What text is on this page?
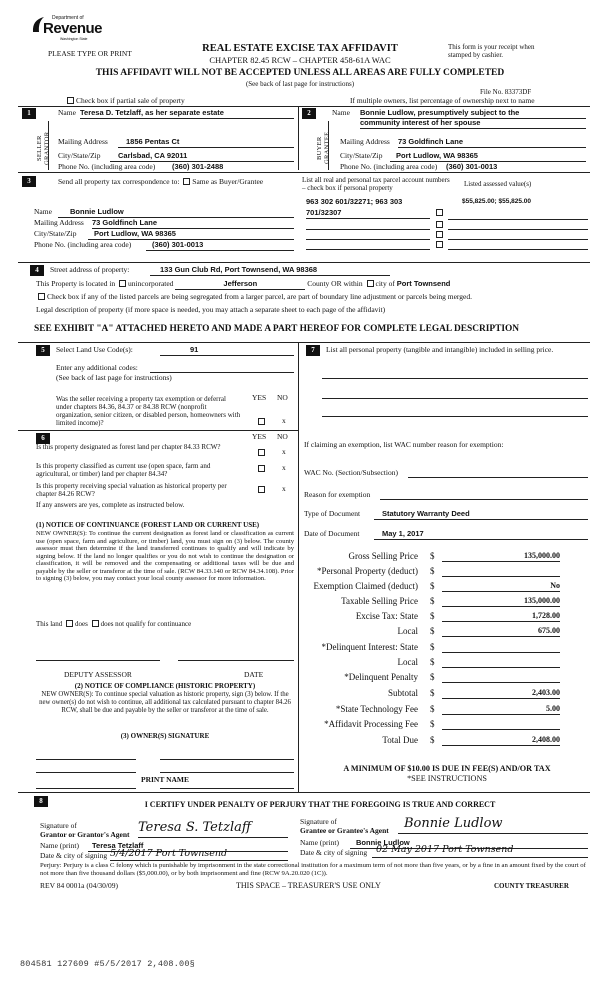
Department of
Revenue
Washington State
PLEASE TYPE OR PRINT	REAL ESTATE EXCISE TAX AFFIDAVIT
CHAPTER 82.45 RCW – CHAPTER 458-61A WAC
This form is your receipt when stamped by cashier.
THIS AFFIDAVIT WILL NOT BE ACCEPTED UNLESS ALL AREAS ARE FULLY COMPLETED
(See back of last page for instructions)
File No. 83373DF
Check box if partial sale of property	If multiple owners, list percentage of ownership next to name
1
SELLER GRANTOR
Name Teresa D. Tetzlaff, as her separate estate
Mailing Address	1856 Pentas Ct
City/State/Zip	Carlsbad, CA 92011
Phone No. (including area code)	(360) 301-2488
2
BUYER GRANTEE
Name Bonnie Ludlow, presumptively subject to the
community interest of her spouse
Mailing Address 73 Goldfinch Lane
City/State/Zip	Port Ludlow, WA 98365
Phone No. (including area code) (360) 301-0013
3	Send all property tax correspondence to: Same as Buyer/Grantee	List all real and personal tax parcel account numbers – check box if personal property
Listed assessed value(s)
963 302 601/32271; 963 303	$55,825.00; $55,825.00
701/32307
Name	Bonnie Ludlow
Mailing Address 73 Goldfinch Lane
City/State/Zip	Port Ludlow, WA 98365
Phone No. (including area code)	(360) 301-0013
4	Street address of property:	133 Gun Club Rd, Port Townsend, WA 98368
This Property is located in unincorporated	Jefferson	County OR within city of Port Townsend
Check box if any of the listed parcels are being segregated from a larger parcel, are part of boundary line adjustment or parcels being merged.
Legal description of property (if more space is needed, you may attach a separate sheet to each page of the affidavit)
SEE EXHIBIT "A" ATTACHED HERETO AND MADE A PART HEREOF FOR COMPLETE LEGAL DESCRIPTION
5	Select Land Use Code(s):	91
Enter any additional codes:
(See back of last page for instructions)
YES NO
Was the seller receiving a property tax exemption or deferral under chapters 84.36, 84.37 or 84.38 RCW (nonprofit organization, senior citizen, or disabled person, homeowners with limited income)?	x
6	YES NO
Is this property designated as forest land per chapter 84.33 RCW?	x
Is this property classified as current use (open space, farm and agricultural, or timber) land per chapter 84.34?
x
Is this property receiving special valuation as historical property per chapter 84.26 RCW?
x
If any answers are yes, complete as instructed below.
(1) NOTICE OF CONTINUANCE (FOREST LAND OR CURRENT USE)
NEW OWNER(S): To continue the current designation as forest land or classification as current use (open space, farm and agriculture, or timber) land, you must sign on (3) below. The county assessor must then determine if the land transferred continues to qualify and will indicate by signing below. If the land no longer qualifies or you do not wish to continue the designation or classification, it will be removed and the compensating or additional taxes will be due and payable by the seller or transferor at the time of sale. (RCW 84.33.140 or RCW 84.34.108). Prior to signing (3) below, you may contact your local county assessor for more information.
This land does does not qualify for continuance
DEPUTY ASSESSOR	DATE
(2) NOTICE OF COMPLIANCE (HISTORIC PROPERTY)
NEW OWNER(S): To continue special valuation as historic property, sign (3) below. If the new owner(s) do not wish to continue, all additional tax calculated pursuant to chapter 84.26 RCW, shall be due and payable by the seller or transferor at the time of sale.
(3) OWNER(S) SIGNATURE
PRINT NAME
7	List all personal property (tangible and intangible) included in selling price.
If claiming an exemption, list WAC number reason for exemption:
WAC No. (Section/Subsection)
Reason for exemption
Type of Document	Statutory Warranty Deed
Date of Document	May 1, 2017
Gross Selling Price $	135,000.00
*Personal Property (deduct) $
Exemption Claimed (deduct) $	No
Taxable Selling Price $	135,000.00
Excise Tax: State $	1,728.00
Local $	675.00
*Delinquent Interest: State $
Local $
*Delinquent Penalty $
Subtotal $	2,403.00
*State Technology Fee $	5.00
*Affidavit Processing Fee $
Total Due $	2,408.00
A MINIMUM OF $10.00 IS DUE IN FEE(S) AND/OR TAX
*SEE INSTRUCTIONS
8	I CERTIFY UNDER PENALTY OF PERJURY THAT THE FOREGOING IS TRUE AND CORRECT
Signature of
Grantor or Grantor's Agent Teresa S. Tetzlaff
Name (print)	Teresa Tetzlaff
Date & city of signing 5/4/2017 Port Townsend
Signature of
Grantee or Grantee's Agent	Bonnie Ludlow
Name (print)	Bonnie Ludlow
Date & city of signing 02 May 2017 Port Townsend
Perjury: Perjury is a class C felony which is punishable by imprisonment in the state correctional institution for a maximum term of not more than five years, or by a fine in an amount fixed by the court of not more than five thousand dollars ($5,000.00), or by both imprisonment and fine (RCW 9A.20.020 (1C)).
REV 84 0001a (04/30/09)	THIS SPACE – TREASURER'S USE ONLY	COUNTY TREASURER
804581 127609 #5/5/2017 2,408.00§
